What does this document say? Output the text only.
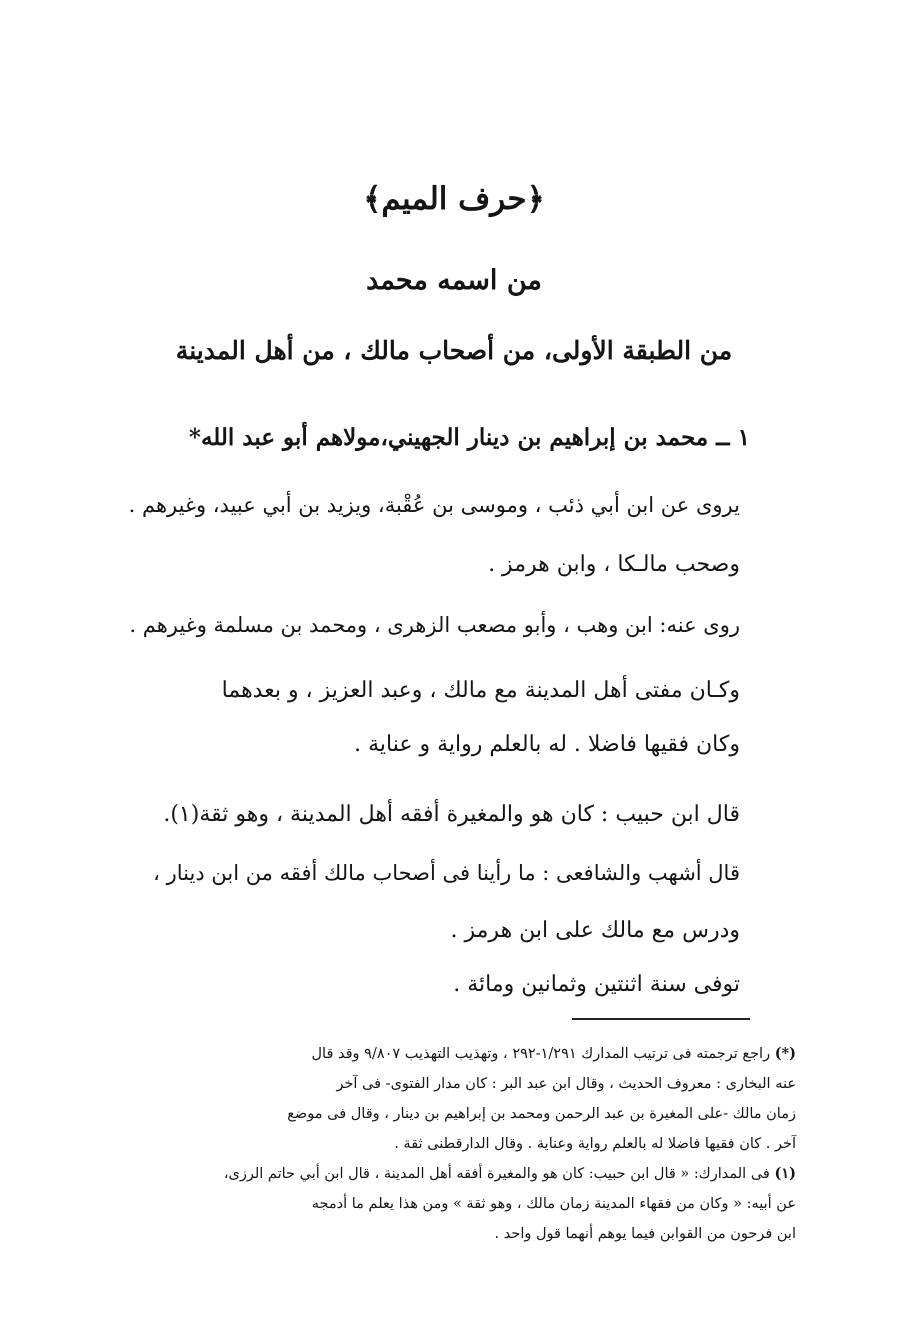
﴿حرف الميم﴾
من اسمه محمد
من الطبقة الأولى، من أصحاب مالك ، من أهل المدينة
١ ــ محمد بن إبراهيم بن دينار الجهيني،مولاهم أبو عبد الله*
يروى عن ابن أبي ذئب ، وموسى بن عُقْبة، ويزيد بن أبي عبيد، وغيرهم .
وصحب مالـكا ، وابن هرمز .
روى عنه: ابن وهب ، وأبو مصعب الزهرى ، ومحمد بن مسلمة وغيرهم .
وكـان مفتى أهل المدينة مع مالك ، وعبد العزيز ، و بعدهما
وكان فقيها فاضلا . له بالعلم رواية و عناية .
قال ابن حبيب : كان هو والمغيرة أفقه أهل المدينة ، وهو ثقة(١).
قال أشهب والشافعى : ما رأينا فى أصحاب مالك أفقه من ابن دينار ،
ودرس مع مالك على ابن هرمز .
توفى سنة اثنتين وثمانين ومائة .
(*) راجع ترجمته فى ترتيب المدارك ١/٢٩١-٢٩٢ ، وتهذيب التهذيب ٩/٨٠٧ وقد قال
عنه البخارى : معروف الحديث ، وقال ابن عبد البر : كان مدار الفتوى- فى آخر
زمان مالك -على المغيرة بن عبد الرحمن ومحمد بن إبراهيم بن دينار ، وقال فى موضع
آخر . كان فقيها فاضلا له بالعلم رواية وعناية . وقال الدارقطنى ثقة .
(١) فى المدارك: « قال ابن حبيب: كان هو والمغيرة أفقه أهل المدينة ، قال ابن أبي حاتم الرزى،
عن أبيه: « وكان من فقهاء المدينة زمان مالك ، وهو ثقة » ومن هذا يعلم ما أدمجه
ابن فرحون من القوابن فيما يوهم أنهما قول واحد .
